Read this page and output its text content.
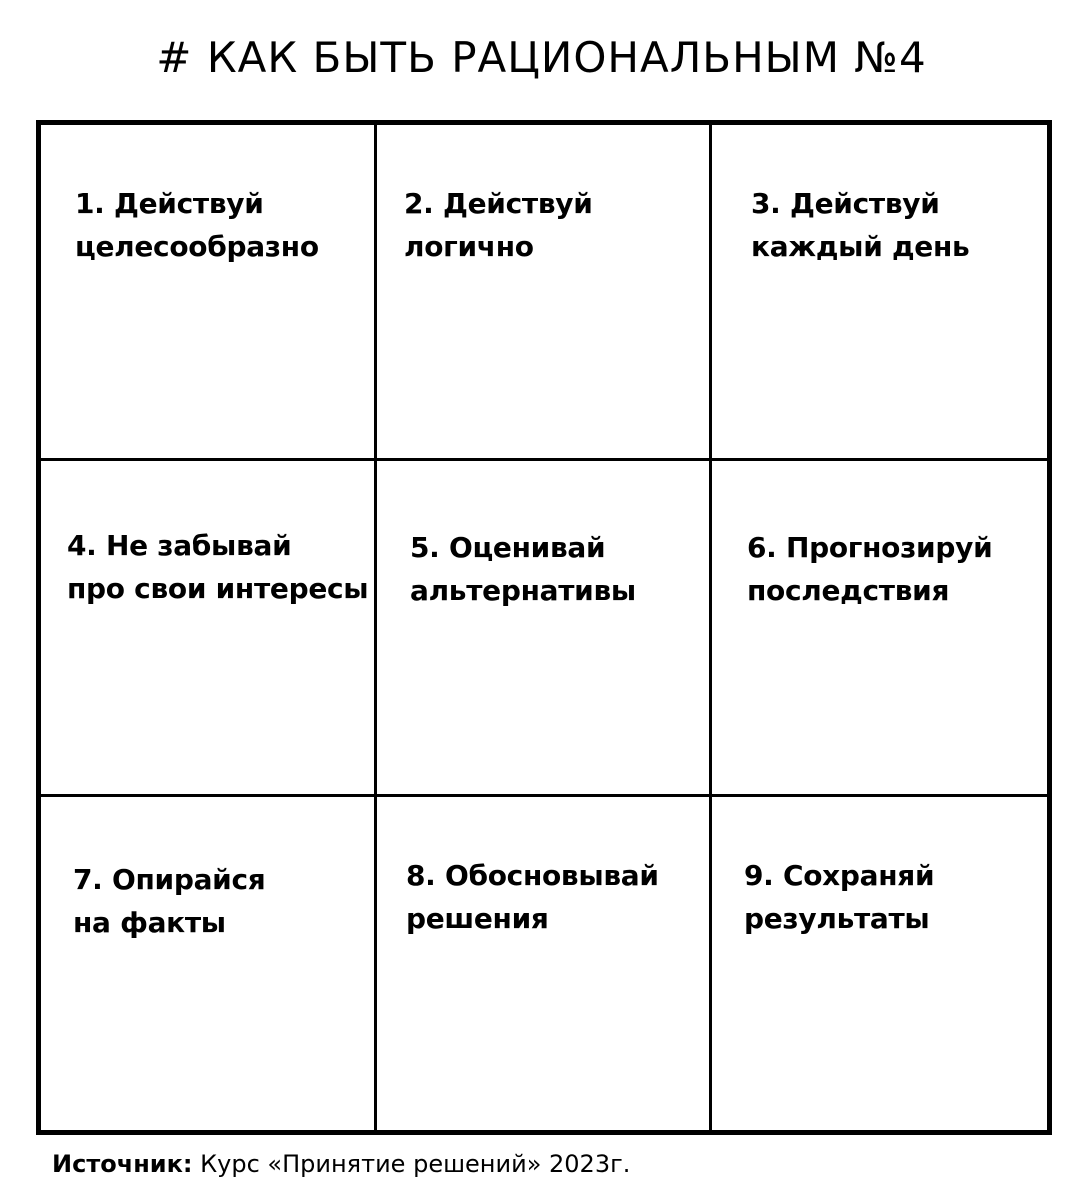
# КАК БЫТЬ РАЦИОНАЛЬНЫМ №4
1. Действуй
целесообразно
2. Действуй
логично
3. Действуй
каждый день
4. Не забывай
про свои интересы
5. Оценивай
альтернативы
6. Прогнозируй
последствия
7. Опирайся
на факты
8. Обосновывай
решения
9. Сохраняй
результаты
Источник: Курс «Принятие решений» 2023г.
